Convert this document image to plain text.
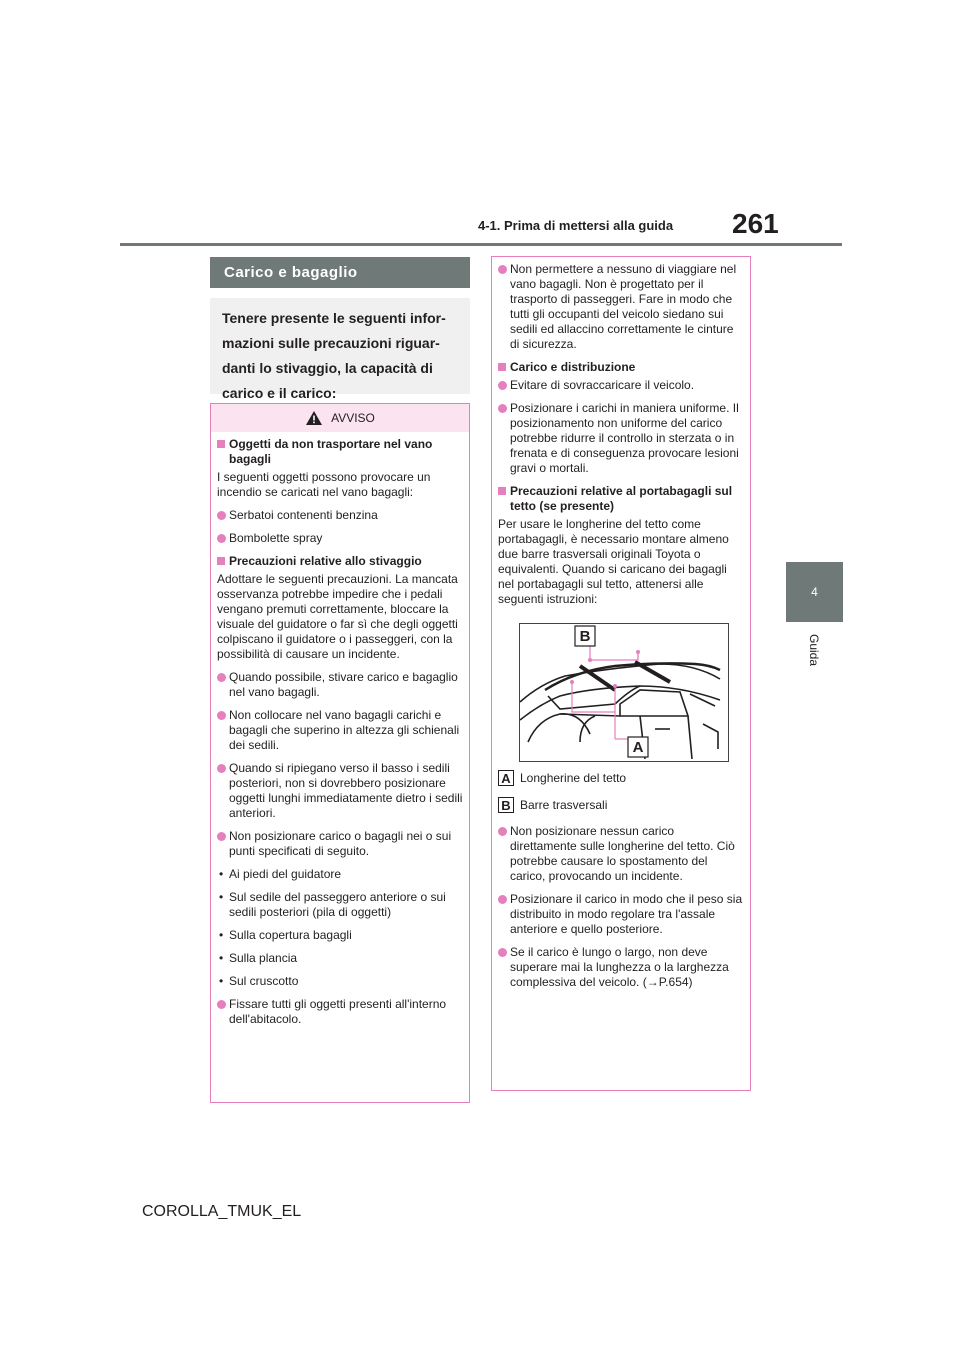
4-1. Prima di mettersi alla guida 261
4
Guida
Carico e bagaglio
Tenere presente le seguenti infor-
mazioni sulle precauzioni riguar-
danti lo stivaggio, la capacità di
carico e il carico:
AVVISO
Oggetti da non trasportare nel vano bagagli
I seguenti oggetti possono provocare un incendio se caricati nel vano bagagli:
Serbatoi contenenti benzina
Bombolette spray
Precauzioni relative allo stivaggio
Adottare le seguenti precauzioni. La mancata osservanza potrebbe impedire che i pedali vengano premuti correttamente, bloccare la visuale del guidatore o far sì che degli oggetti colpiscano il guidatore o i passeggeri, con la possibilità di causare un incidente.
Quando possibile, stivare carico e bagaglio nel vano bagagli.
Non collocare nel vano bagagli carichi e bagagli che superino in altezza gli schienali dei sedili.
Quando si ripiegano verso il basso i sedili posteriori, non si dovrebbero posizionare oggetti lunghi immediatamente dietro i sedili anteriori.
Non posizionare carico o bagagli nei o sui punti specificati di seguito.
• Ai piedi del guidatore
• Sul sedile del passeggero anteriore o sui sedili posteriori (pila di oggetti)
• Sulla copertura bagagli
• Sulla plancia
• Sul cruscotto
Fissare tutti gli oggetti presenti all'interno dell'abitacolo.
Non permettere a nessuno di viaggiare nel vano bagagli. Non è progettato per il trasporto di passeggeri. Fare in modo che tutti gli occupanti del veicolo siedano sui sedili ed allaccino correttamente le cinture di sicurezza.
Carico e distribuzione
Evitare di sovraccaricare il veicolo.
Posizionare i carichi in maniera uniforme. Il posizionamento non uniforme del carico potrebbe ridurre il controllo in sterzata o in frenata e di conseguenza provocare lesioni gravi o mortali.
Precauzioni relative al portabagagli sul tetto (se presente)
Per usare le longherine del tetto come portabagagli, è necessario montare almeno due barre trasversali originali Toyota o equivalenti. Quando si caricano dei bagagli nel portabagagli sul tetto, attenersi alle seguenti istruzioni:
B
A
A Longherine del tetto
B Barre trasversali
Non posizionare nessun carico direttamente sulle longherine del tetto. Ciò potrebbe causare lo spostamento del carico, provocando un incidente.
Posizionare il carico in modo che il peso sia distribuito in modo regolare tra l'assale anteriore e quello posteriore.
Se il carico è lungo o largo, non deve superare mai la lunghezza o la larghezza complessiva del veicolo. (→P.654)
COROLLA_TMUK_EL
